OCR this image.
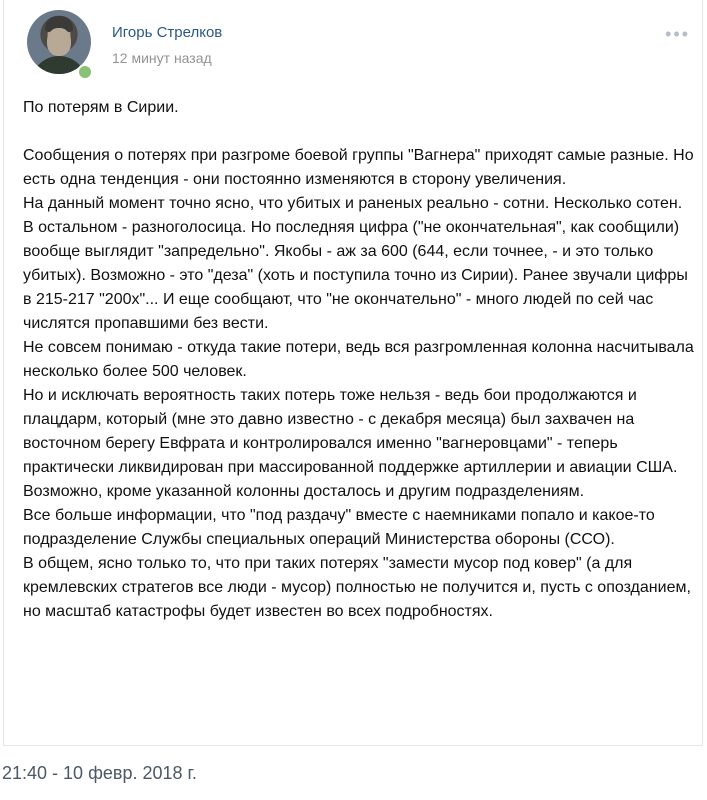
Игорь Стрелков
12 минут назад
•••

По потерям в Сирии.

Сообщения о потерях при разгроме боевой группы "Вагнера" приходят самые разные. Но есть одна тенденция - они постоянно изменяются в сторону увеличения.

На данный момент точно ясно, что убитых и раненых реально - сотни. Несколько сотен.

В остальном - разноголосица. Но последняя цифра ("не окончательная", как сообщили) вообще выглядит "запредельно". Якобы - аж за 600 (644, если точнее, - и это только убитых). Возможно - это "деза" (хоть и поступила точно из Сирии). Ранее звучали цифры в 215-217 "200х"... И еще сообщают, что "не окончательно" - много людей по сей час числятся пропавшими без вести.

Не совсем понимаю - откуда такие потери, ведь вся разгромленная колонна насчитывала несколько более 500 человек.

Но и исключать вероятность таких потерь тоже нельзя - ведь бои продолжаются и плацдарм, который (мне это давно известно - с декабря месяца) был захвачен на восточном берегу Евфрата и контролировался именно "вагнеровцами" - теперь практически ликвидирован при массированной поддержке артиллерии и авиации США. Возможно, кроме указанной колонны досталось и другим подразделениям.

Все больше информации, что "под раздачу" вместе с наемниками попало и какое-то подразделение Службы специальных операций Министерства обороны (ССО).

В общем, ясно только то, что при таких потерях "замести мусор под ковер" (а для кремлевских стратегов все люди - мусор) полностью не получится и, пусть с опозданием, но масштаб катастрофы будет известен во всех подробностях.

21:40 - 10 февр. 2018 г.
